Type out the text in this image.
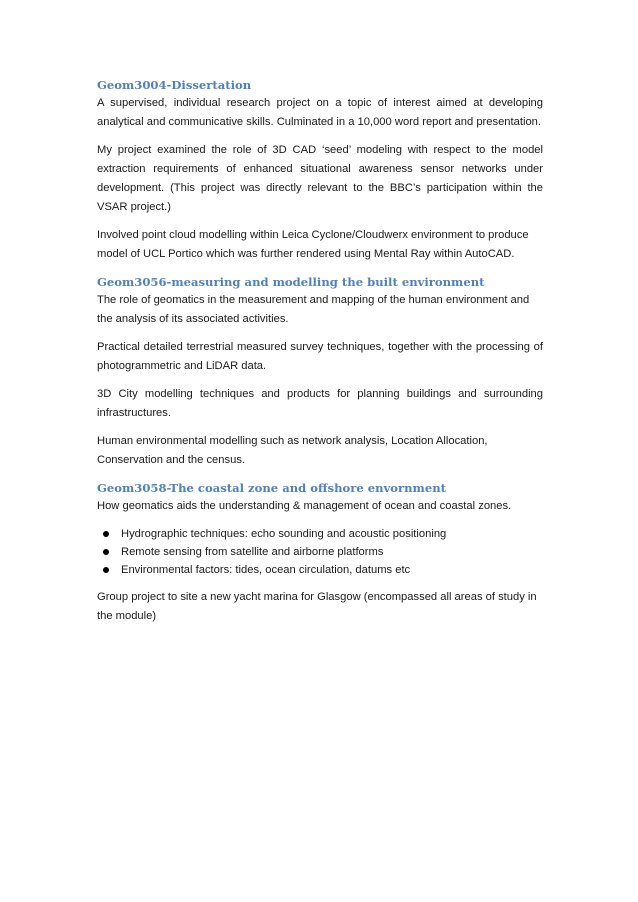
Geom3004-Dissertation

A supervised, individual research project on a topic of interest aimed at developing analytical and communicative skills. Culminated in a 10,000 word report and presentation.

My project examined the role of 3D CAD ‘seed’ modeling with respect to the model extraction requirements of enhanced situational awareness sensor networks under development. (This project was directly relevant to the BBC’s participation within the VSAR project.)

Involved point cloud modelling within Leica Cyclone/Cloudwerx environment to produce model of UCL Portico which was further rendered using Mental Ray within AutoCAD.

Geom3056-measuring and modelling the built environment

The role of geomatics in the measurement and mapping of the human environment and the analysis of its associated activities.

Practical detailed terrestrial measured survey techniques, together with the processing of photogrammetric and LiDAR data.

3D City modelling techniques and products for planning buildings and surrounding infrastructures.

Human environmental modelling such as network analysis, Location Allocation, Conservation and the census.

Geom3058-The coastal zone and offshore envornment

How geomatics aids the understanding & management of ocean and coastal zones.

Hydrographic techniques: echo sounding and acoustic positioning
Remote sensing from satellite and airborne platforms
Environmental factors: tides, ocean circulation, datums etc

Group project to site a new yacht marina for Glasgow (encompassed all areas of study in the module)
